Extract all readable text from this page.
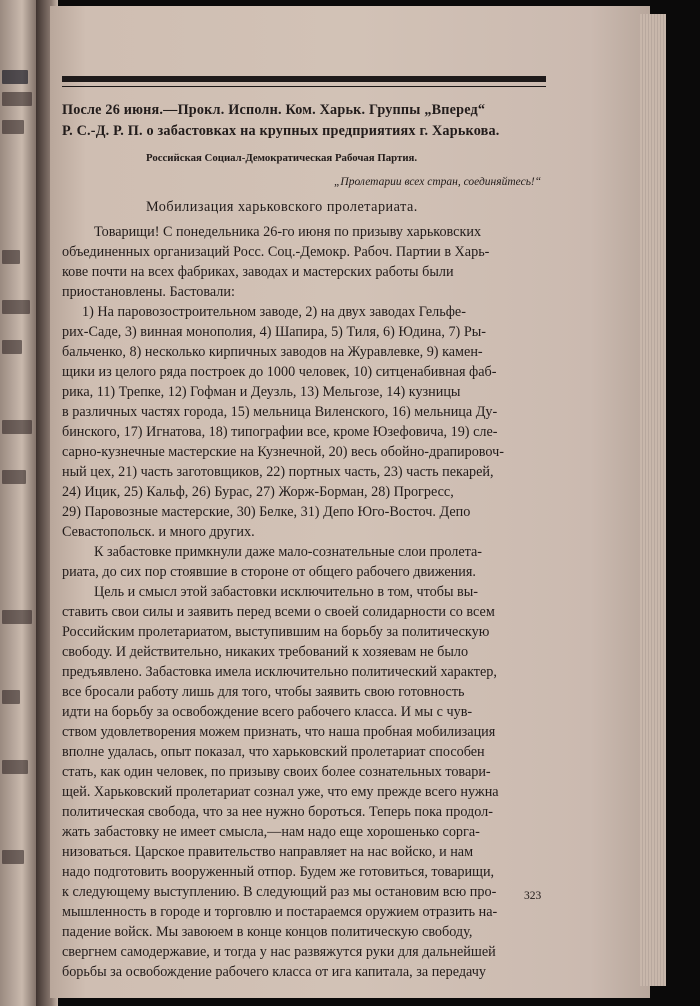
После 26 июня.—Прокл. Исполн. Ком. Харьк. Группы „Вперед“
Р. С.-Д. Р. П. о забастовках на крупных предприятиях г. Харькова.
Российская Социал-Демократическая Рабочая Партия.
„Пролетарии всех стран, соединяйтесь!“
Мобилизация харьковского пролетариата.

Товарищи! С понедельника 26-го июня по призыву харьковских

объединенных организаций Росс. Соц.-Демокр. Рабоч. Партии в Харь-

кове почти на всех фабриках, заводах и мастерских работы были

приостановлены. Бастовали:

1) На паровозостроительном заводе, 2) на двух заводах Гельфе-

рих-Саде, 3) винная монополия, 4) Шапира, 5) Тиля, 6) Юдина, 7) Ры-

бальченко, 8) несколько кирпичных заводов на Журавлевке, 9) камен-

щики из целого ряда построек до 1000 человек, 10) ситценабивная фаб-

рика, 11) Трепке, 12) Гофман и Деузль, 13) Мельгозе, 14) кузницы

в различных частях города, 15) мельница Виленского, 16) мельница Ду-

бинского, 17) Игнатова, 18) типографии все, кроме Юзефовича, 19) сле-

сарно-кузнечные мастерские на Кузнечной, 20) весь обойно-драпировоч-

ный цех, 21) часть заготовщиков, 22) портных часть, 23) часть пекарей,

24) Ицик, 25) Кальф, 26) Бурас, 27) Жорж-Борман, 28) Прогресс,

29) Паровозные мастерские, 30) Белке, 31) Депо Юго-Восточ. Депо

Севастопольск. и много других.

К забастовке примкнули даже мало-сознательные слои пролета-

риата, до сих пор стоявшие в стороне от общего рабочего движения.

Цель и смысл этой забастовки исключительно в том, чтобы вы-

ставить свои силы и заявить перед всеми о своей солидарности со всем

Российским пролетариатом, выступившим на борьбу за политическую

свободу. И действительно, никаких требований к хозяевам не было

предъявлено. Забастовка имела исключительно политический характер,

все бросали работу лишь для того, чтобы заявить свою готовность

идти на борьбу за освобождение всего рабочего класса. И мы с чув-

ством удовлетворения можем признать, что наша пробная мобилизация

вполне удалась, опыт показал, что харьковский пролетариат способен

стать, как один человек, по призыву своих более сознательных товари-

щей. Харьковский пролетариат сознал уже, что ему прежде всего нужна

политическая свобода, что за нее нужно бороться. Теперь пока продол-

жать забастовку не имеет смысла,—нам надо еще хорошенько сорга-

низоваться. Царское правительство направляет на нас войско, и нам

надо подготовить вооруженный отпор. Будем же готовиться, товарищи,

к следующему выступлению. В следующий раз мы остановим всю про-

мышленность в городе и торговлю и постараемся оружием отразить на-

падение войск. Мы завоюем в конце концов политическую свободу,

свергнем самодержавие, и тогда у нас развяжутся руки для дальнейшей

борьбы за освобождение рабочего класса от ига капитала, за передачу

323
